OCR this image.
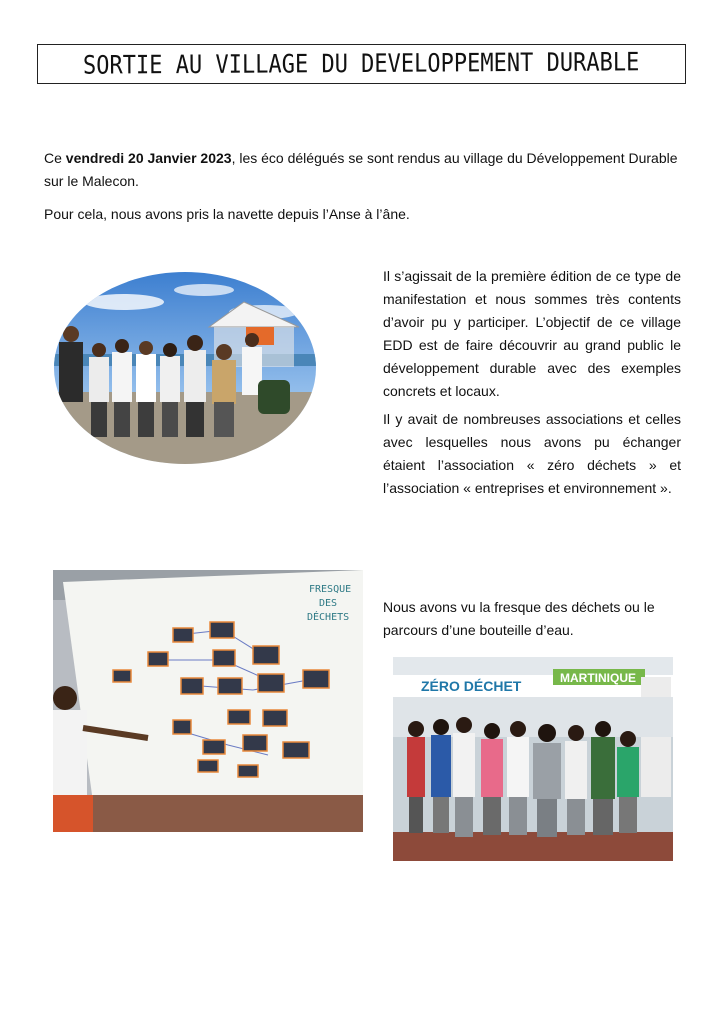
SORTIE AU VILLAGE DU DEVELOPPEMENT DURABLE

Ce vendredi 20 Janvier 2023, les éco délégués se sont rendus au village du Développement Durable sur le Malecon.

Pour cela, nous avons pris la navette depuis l’Anse à l’âne.

Il s’agissait de la première édition de ce type de manifestation et nous sommes très contents d’avoir pu y participer. L’objectif de ce village EDD est de faire découvrir au grand public le développement durable avec des exemples concrets et locaux.

Il y avait de nombreuses associations et celles avec lesquelles nous avons pu échanger étaient l’association « zéro déchets » et l’association « entreprises et environnement ».

FRESQUE
DES
DÉCHETS

Nous avons vu la fresque des déchets ou le parcours d’une bouteille d’eau.

ZÉRO DÉCHET	MARTINIQUE
